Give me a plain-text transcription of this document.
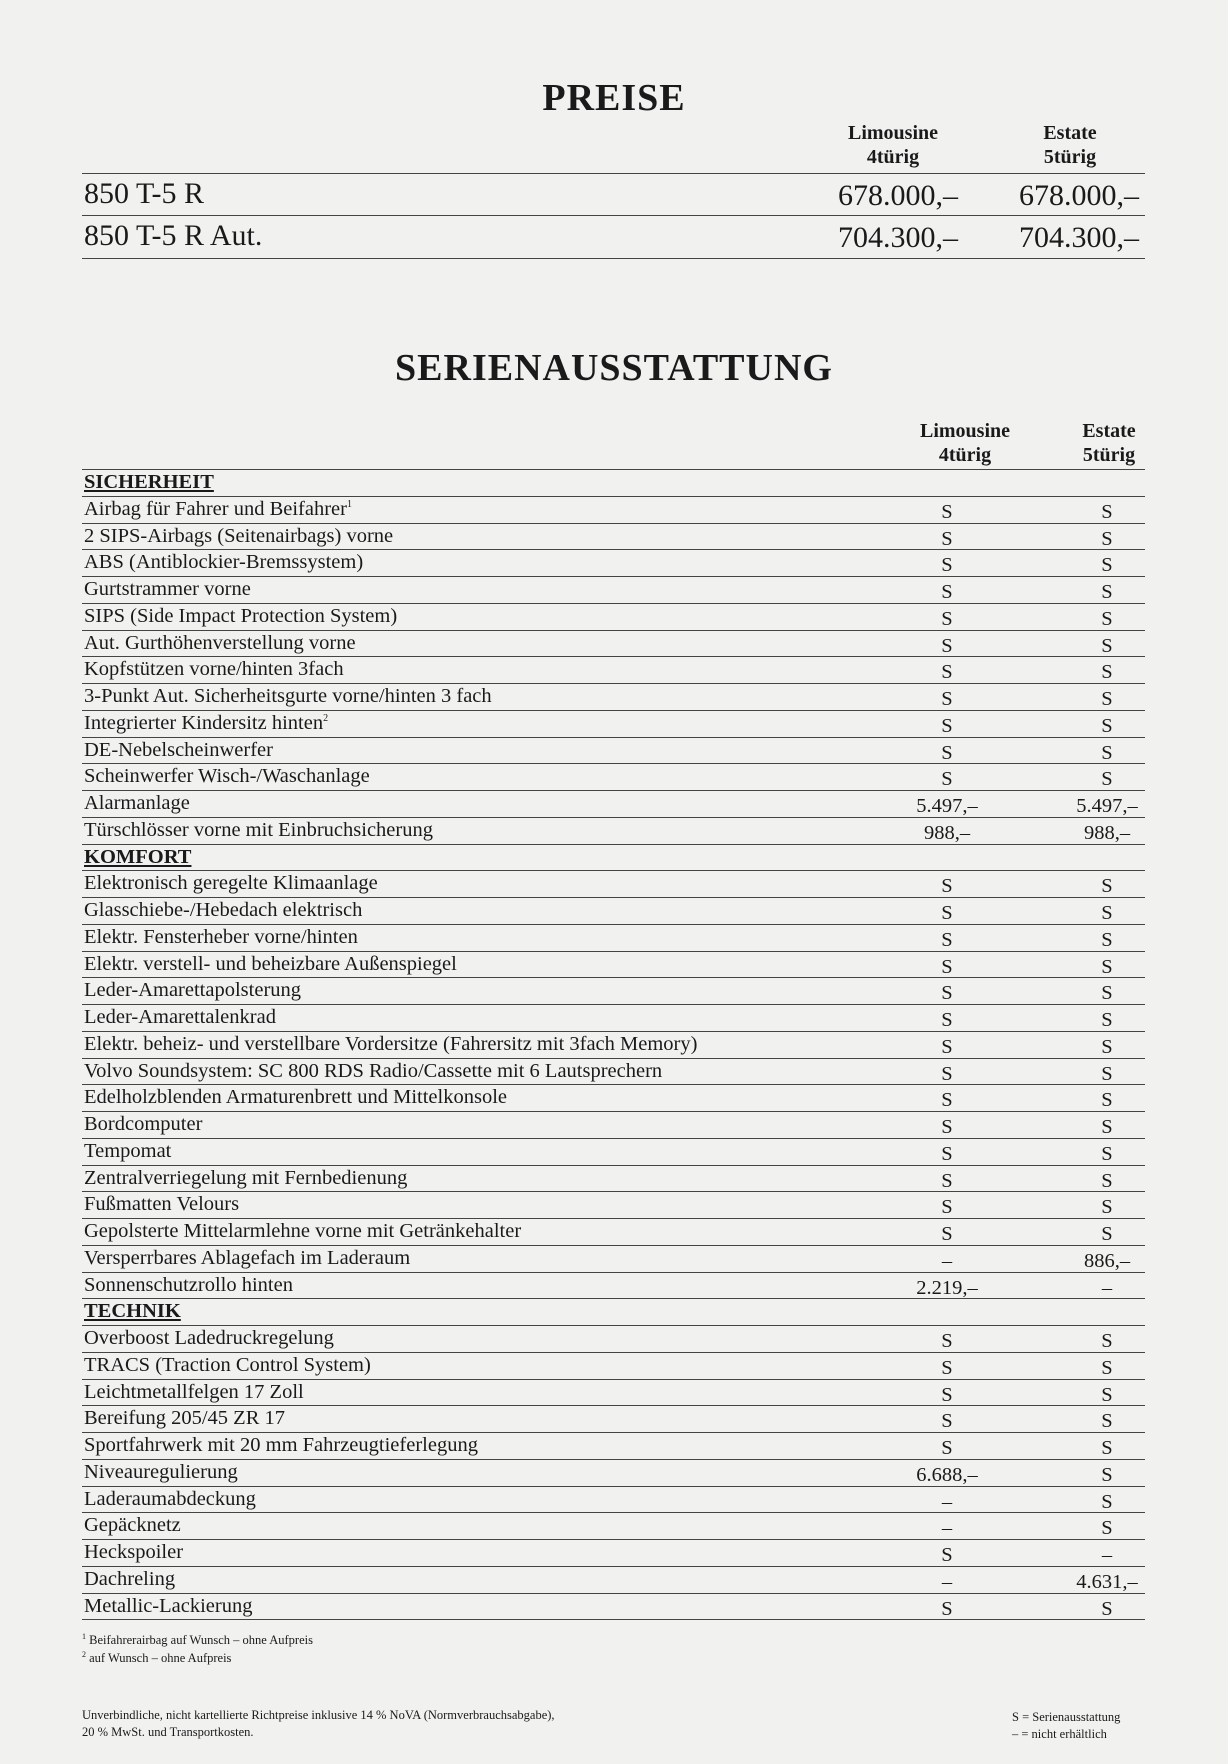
PREISE
Limousine
4türig
Estate
5türig
850 T-5 R	678.000,– 678.000,–
850 T-5 R Aut.	704.300,– 704.300,–
SERIENAUSSTATTUNG
Limousine
4türig
Estate
5türig
SICHERHEIT
Airbag für Fahrer und Beifahrer$^1$	S	S
2 SIPS-Airbags (Seitenairbags) vorne	S	S
ABS (Antiblockier-Bremssystem)	S	S
Gurtstrammer vorne	S	S
SIPS (Side Impact Protection System)	S	S
Aut. Gurthöhenverstellung vorne	S	S
Kopfstützen vorne/hinten 3fach	S	S
3-Punkt Aut. Sicherheitsgurte vorne/hinten 3 fach	S	S
Integrierter Kindersitz hinten$^2$	S	S
DE-Nebelscheinwerfer	S	S
Scheinwerfer Wisch-/Waschanlage	S	S
Alarmanlage	5.497,–	5.497,–
Türschlösser vorne mit Einbruchsicherung	988,–	988,–
KOMFORT
Elektronisch geregelte Klimaanlage	S	S
Glasschiebe-/Hebedach elektrisch	S	S
Elektr. Fensterheber vorne/hinten	S	S
Elektr. verstell- und beheizbare Außenspiegel	S	S
Leder-Amarettapolsterung	S	S
Leder-Amarettalenkrad	S	S
Elektr. beheiz- und verstellbare Vordersitze (Fahrersitz mit 3fach Memory)	S	S
Volvo Soundsystem: SC 800 RDS Radio/Cassette mit 6 Lautsprechern	S	S
Edelholzblenden Armaturenbrett und Mittelkonsole	S	S
Bordcomputer	S	S
Tempomat	S	S
Zentralverriegelung mit Fernbedienung	S	S
Fußmatten Velours	S	S
Gepolsterte Mittelarmlehne vorne mit Getränkehalter	S	S
Versperrbares Ablagefach im Laderaum	–	886,–
Sonnenschutzrollo hinten	2.219,–	–
TECHNIK
Overboost Ladedruckregelung	S	S
TRACS (Traction Control System)	S	S
Leichtmetallfelgen 17 Zoll	S	S
Bereifung 205/45 ZR 17	S	S
Sportfahrwerk mit 20 mm Fahrzeugtieferlegung	S	S
Niveauregulierung	6.688,–	S
Laderaumabdeckung	–	S
Gepäcknetz	–	S
Heckspoiler	S	–
Dachreling	–	4.631,–
Metallic-Lackierung	S	S
$^1$ Beifahrerairbag auf Wunsch – ohne Aufpreis
$^2$ auf Wunsch – ohne Aufpreis
Unverbindliche, nicht kartellierte Richtpreise inklusive 14 % NoVA (Normverbrauchsabgabe),
20 % MwSt. und Transportkosten.
S = Serienausstattung
– = nicht erhältlich
